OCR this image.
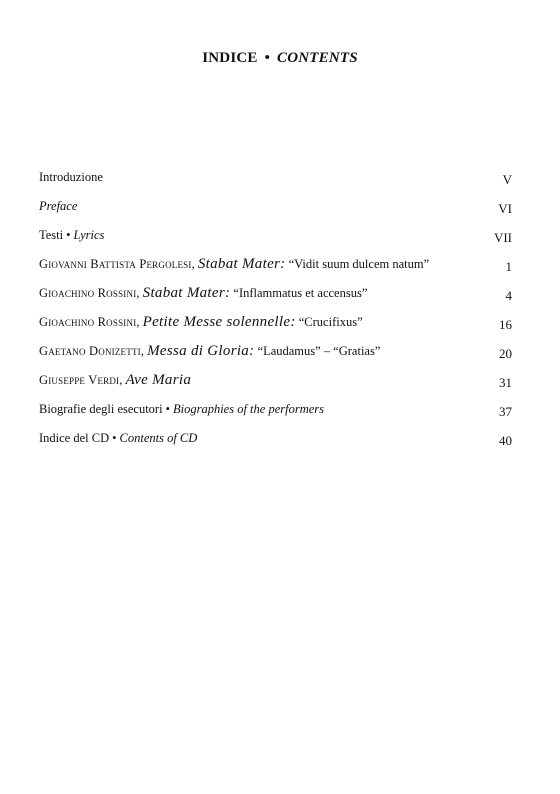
INDICE • CONTENTS
Introduzione	V
Preface	VI
Testi • Lyrics	VII
Giovanni Battista Pergolesi, Stabat Mater: “Vidit suum dulcem natum”	1
Gioachino Rossini, Stabat Mater: “Inflammatus et accensus”	4
Gioachino Rossini, Petite Messe solennelle: “Crucifixus”	16
Gaetano Donizetti, Messa di Gloria: “Laudamus” – “Gratias”	20
Giuseppe Verdi, Ave Maria	31
Biografie degli esecutori • Biographies of the performers	37
Indice del CD • Contents of CD	40
